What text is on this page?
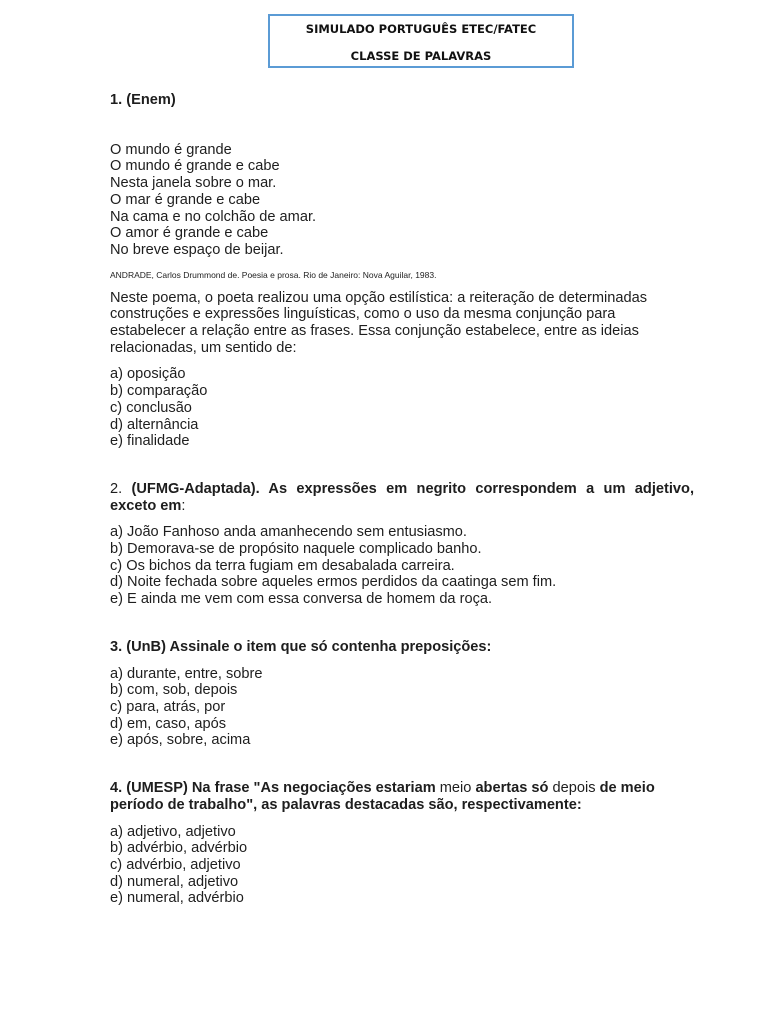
SIMULADO PORTUGUÊS ETEC/FATEC
CLASSE DE PALAVRAS

1. (Enem)

O mundo é grande
O mundo é grande e cabe
Nesta janela sobre o mar.
O mar é grande e cabe
Na cama e no colchão de amar.
O amor é grande e cabe
No breve espaço de beijar.
ANDRADE, Carlos Drummond de. Poesia e prosa. Rio de Janeiro: Nova Aguilar, 1983.
Neste poema, o poeta realizou uma opção estilística: a reiteração de determinadas construções e expressões linguísticas, como o uso da mesma conjunção para estabelecer a relação entre as frases. Essa conjunção estabelece, entre as ideias relacionadas, um sentido de:
a) oposição
b) comparação
c) conclusão
d) alternância
e) finalidade
2. (UFMG-Adaptada). As expressões em negrito correspondem a um adjetivo, exceto em:
a) João Fanhoso anda amanhecendo sem entusiasmo.
b) Demorava-se de propósito naquele complicado banho.
c) Os bichos da terra fugiam em desabalada carreira.
d) Noite fechada sobre aqueles ermos perdidos da caatinga sem fim.
e) E ainda me vem com essa conversa de homem da roça.
3. (UnB) Assinale o item que só contenha preposições:
a) durante, entre, sobre
b) com, sob, depois
c) para, atrás, por
d) em, caso, após
e) após, sobre, acima
4. (UMESP) Na frase "As negociações estariam meio abertas só depois de meio período de trabalho", as palavras destacadas são, respectivamente:
a) adjetivo, adjetivo
b) advérbio, advérbio
c) advérbio, adjetivo
d) numeral, adjetivo
e) numeral, advérbio
